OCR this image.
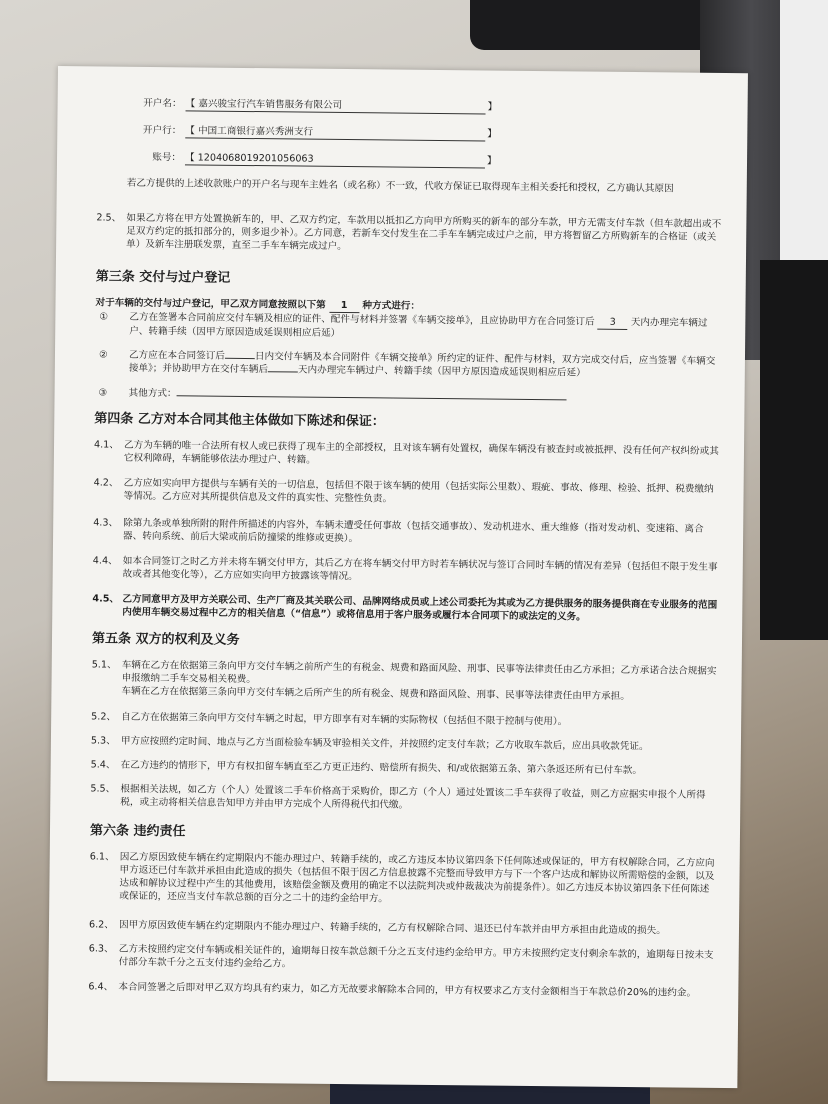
开户名： 【 嘉兴骏宝行汽车销售服务有限公司	】
开户行： 【 中国工商银行嘉兴秀洲支行	】
账号： 【 1204068019201056063	】
若乙方提供的上述收款账户的开户名与现车主姓名（或名称）不一致，代收方保证已取得现车主相关委托和授权，乙方确认其原因
2.5、 如果乙方将在甲方处置换新车的，甲、乙双方约定，车款用以抵扣乙方向甲方所购买的新车的部分车款，甲方无需支付车款（但车款超出或不足双方约定的抵扣部分的，则多退少补）。乙方同意，若新车交付发生在二手车车辆完成过户之前，甲方将暂留乙方所购新车的合格证（或关单）及新车注册联发票，直至二手车车辆完成过户。
第三条 交付与过户登记
对于车辆的交付与过户登记，甲乙双方同意按照以下第 1 种方式进行：
① 乙方在签署本合同前应交付车辆及相应的证件、配件与材料并签署《车辆交接单》，且应协助甲方在合同签订后 3 天内办理完车辆过户、转籍手续（因甲方原因造成延误则相应后延）
② 乙方应在本合同签订后	日内交付车辆及本合同附件《车辆交接单》所约定的证件、配件与材料，双方完成交付后，应当签署《车辆交接单》；并协助甲方在交付车辆后	天内办理完车辆过户、转籍手续（因甲方原因造成延误则相应后延）
③ 其他方式：
第四条 乙方对本合同其他主体做如下陈述和保证：
4.1、 乙方为车辆的唯一合法所有权人或已获得了现车主的全部授权，且对该车辆有处置权，确保车辆没有被查封或被抵押、没有任何产权纠纷或其它权利障碍，车辆能够依法办理过户、转籍。
4.2、 乙方应如实向甲方提供与车辆有关的一切信息，包括但不限于该车辆的使用（包括实际公里数）、瑕疵、事故、修理、检验、抵押、税费缴纳等情况。乙方应对其所提供信息及文件的真实性、完整性负责。
4.3、 除第九条或单独所附的附件所描述的内容外，车辆未遭受任何事故（包括交通事故）、发动机进水、重大维修（指对发动机、变速箱、离合器、转向系统、前后大梁或前后防撞梁的维修或更换）。
4.4、 如本合同签订之时乙方并未将车辆交付甲方，其后乙方在将车辆交付甲方时若车辆状况与签订合同时车辆的情况有差异（包括但不限于发生事故或者其他变化等），乙方应如实向甲方披露该等情况。
4.5、 乙方同意甲方及甲方关联公司、生产厂商及其关联公司、品牌网络成员或上述公司委托为其或为乙方提供服务的服务提供商在专业服务的范围内使用车辆交易过程中乙方的相关信息（“信息”）或将信息用于客户服务或履行本合同项下的或法定的义务。
第五条 双方的权利及义务
5.1、 车辆在乙方在依据第三条向甲方交付车辆之前所产生的有税金、规费和路面风险、刑事、民事等法律责任由乙方承担；乙方承诺合法合规据实申报缴纳二手车交易相关税费。
车辆在乙方在依据第三条向甲方交付车辆之后所产生的所有税金、规费和路面风险、刑事、民事等法律责任由甲方承担。
5.2、 自乙方在依据第三条向甲方交付车辆之时起，甲方即享有对车辆的实际物权（包括但不限于控制与使用）。
5.3、 甲方应按照约定时间、地点与乙方当面检验车辆及审验相关文件，并按照约定支付车款；乙方收取车款后，应出具收款凭证。
5.4、 在乙方违约的情形下，甲方有权扣留车辆直至乙方更正违约、赔偿所有损失、和/或依据第五条、第六条返还所有已付车款。
5.5、 根据相关法规，如乙方（个人）处置该二手车价格高于采购价，即乙方（个人）通过处置该二手车获得了收益，则乙方应据实申报个人所得税，或主动将相关信息告知甲方并由甲方完成个人所得税代扣代缴。
第六条 违约责任
6.1、 因乙方原因致使车辆在约定期限内不能办理过户、转籍手续的，或乙方违反本协议第四条下任何陈述或保证的，甲方有权解除合同，乙方应向甲方返还已付车款并承担由此造成的损失（包括但不限于因乙方信息披露不完整而导致甲方与下一个客户达成和解协议所需赔偿的金额，以及达成和解协议过程中产生的其他费用，该赔偿金额及费用的确定不以法院判决或仲裁裁决为前提条件）。如乙方违反本协议第四条下任何陈述或保证的，还应当支付车款总额的百分之二十的违约金给甲方。
6.2、 因甲方原因致使车辆在约定期限内不能办理过户、转籍手续的，乙方有权解除合同、退还已付车款并由甲方承担由此造成的损失。
6.3、 乙方未按照约定交付车辆或相关证件的，逾期每日按车款总额千分之五支付违约金给甲方。甲方未按照约定支付剩余车款的，逾期每日按未支付部分车款千分之五支付违约金给乙方。
6.4、 本合同签署之后即对甲乙双方均具有约束力，如乙方无故要求解除本合同的，甲方有权要求乙方支付金额相当于车款总价20%的违约金。
